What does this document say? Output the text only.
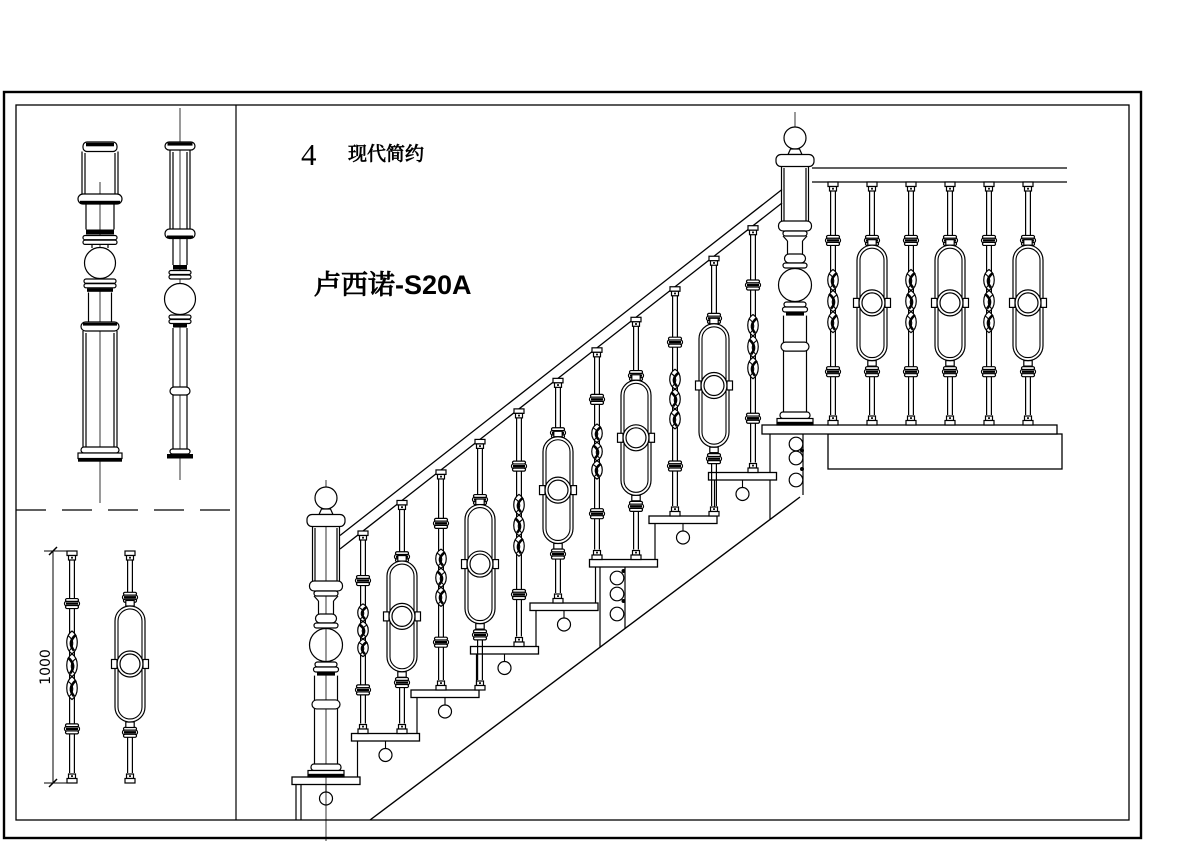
4 现代简约
卢西诺-S20A
1000
